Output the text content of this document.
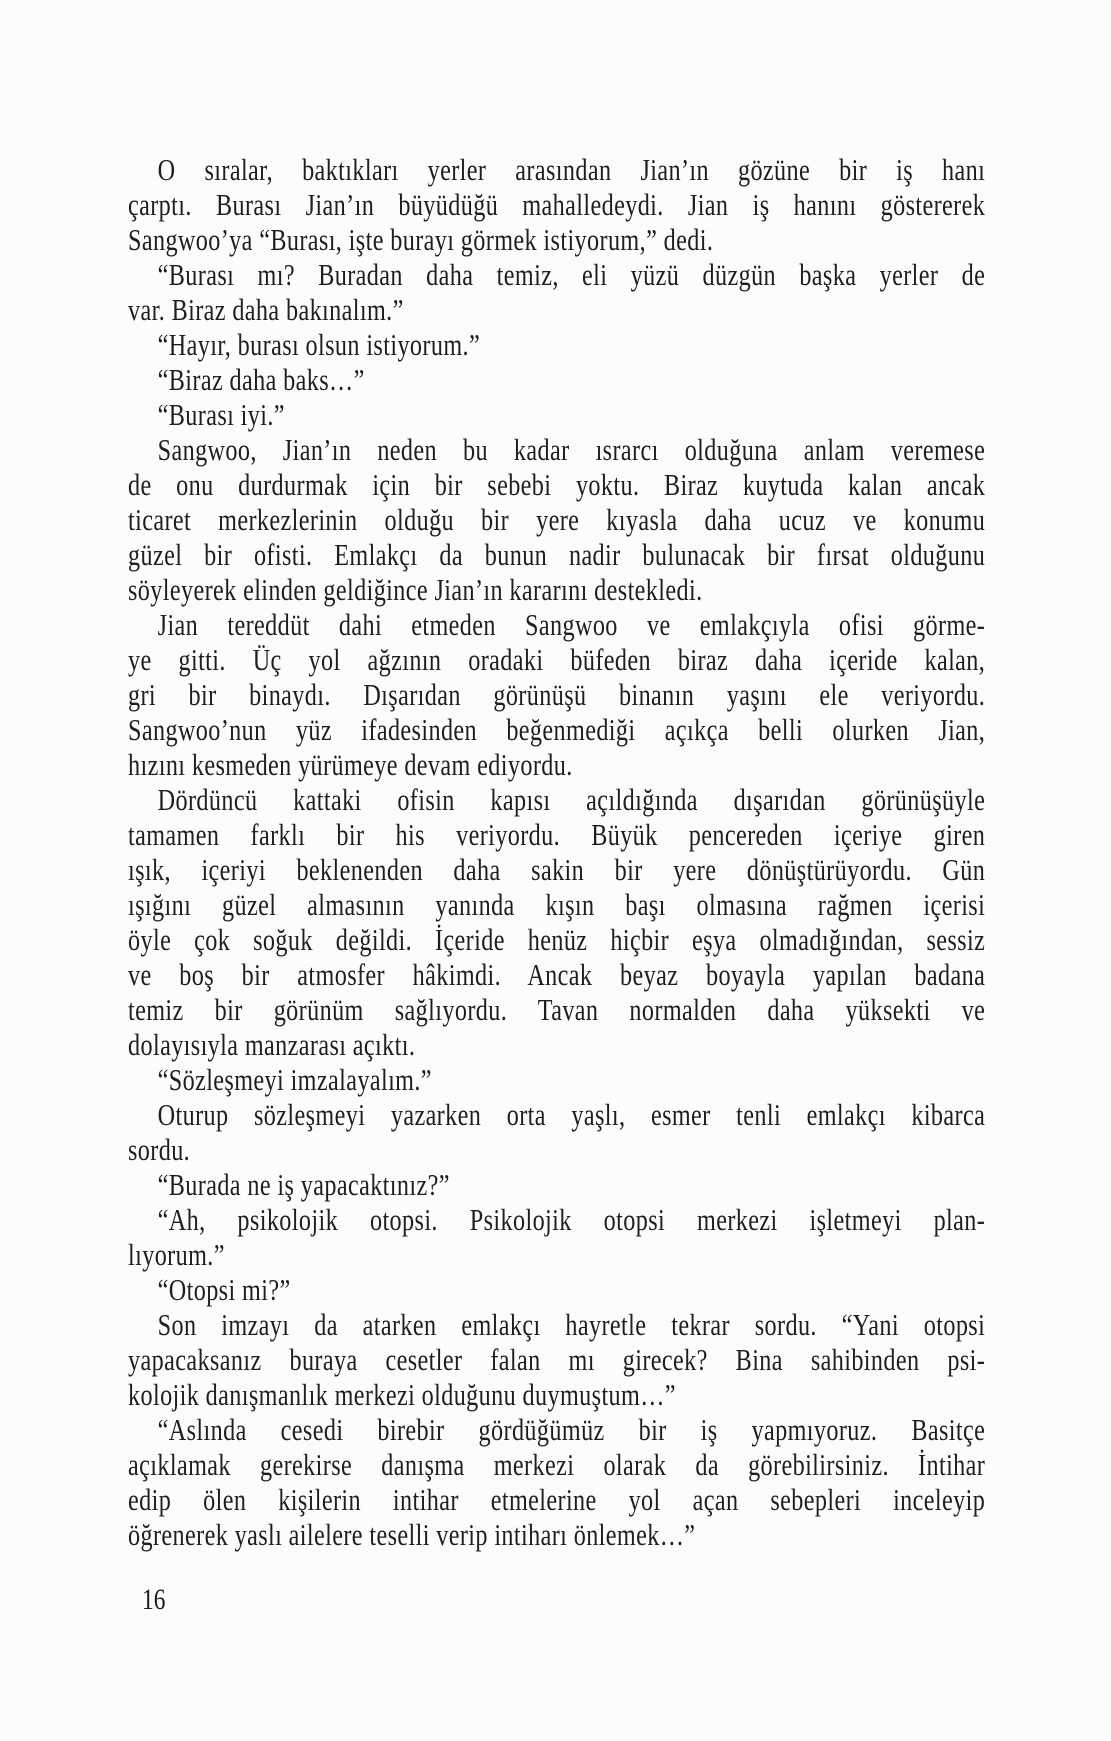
O sıralar, baktıkları yerler arasından Jian’ın gözüne bir iş hanı
çarptı. Burası Jian’ın büyüdüğü mahalledeydi. Jian iş hanını göstererek
Sangwoo’ya “Burası, işte burayı görmek istiyorum,” dedi.
“Burası mı? Buradan daha temiz, eli yüzü düzgün başka yerler de
var. Biraz daha bakınalım.”
“Hayır, burası olsun istiyorum.”
“Biraz daha baks…”
“Burası iyi.”
Sangwoo, Jian’ın neden bu kadar ısrarcı olduğuna anlam veremese
de onu durdurmak için bir sebebi yoktu. Biraz kuytuda kalan ancak
ticaret merkezlerinin olduğu bir yere kıyasla daha ucuz ve konumu
güzel bir ofisti. Emlakçı da bunun nadir bulunacak bir fırsat olduğunu
söyleyerek elinden geldiğince Jian’ın kararını destekledi.
Jian tereddüt dahi etmeden Sangwoo ve emlakçıyla ofisi görme-
ye gitti. Üç yol ağzının oradaki büfeden biraz daha içeride kalan,
gri bir binaydı. Dışarıdan görünüşü binanın yaşını ele veriyordu.
Sangwoo’nun yüz ifadesinden beğenmediği açıkça belli olurken Jian,
hızını kesmeden yürümeye devam ediyordu.
Dördüncü kattaki ofisin kapısı açıldığında dışarıdan görünüşüyle
tamamen farklı bir his veriyordu. Büyük pencereden içeriye giren
ışık, içeriyi beklenenden daha sakin bir yere dönüştürüyordu. Gün
ışığını güzel almasının yanında kışın başı olmasına rağmen içerisi
öyle çok soğuk değildi. İçeride henüz hiçbir eşya olmadığından, sessiz
ve boş bir atmosfer hâkimdi. Ancak beyaz boyayla yapılan badana
temiz bir görünüm sağlıyordu. Tavan normalden daha yüksekti ve
dolayısıyla manzarası açıktı.
“Sözleşmeyi imzalayalım.”
Oturup sözleşmeyi yazarken orta yaşlı, esmer tenli emlakçı kibarca
sordu.
“Burada ne iş yapacaktınız?”
“Ah, psikolojik otopsi. Psikolojik otopsi merkezi işletmeyi plan-
lıyorum.”
“Otopsi mi?”
Son imzayı da atarken emlakçı hayretle tekrar sordu. “Yani otopsi
yapacaksanız buraya cesetler falan mı girecek? Bina sahibinden psi-
kolojik danışmanlık merkezi olduğunu duymuştum…”
“Aslında cesedi birebir gördüğümüz bir iş yapmıyoruz. Basitçe
açıklamak gerekirse danışma merkezi olarak da görebilirsiniz. İntihar
edip ölen kişilerin intihar etmelerine yol açan sebepleri inceleyip
öğrenerek yaslı ailelere teselli verip intiharı önlemek…”
16
